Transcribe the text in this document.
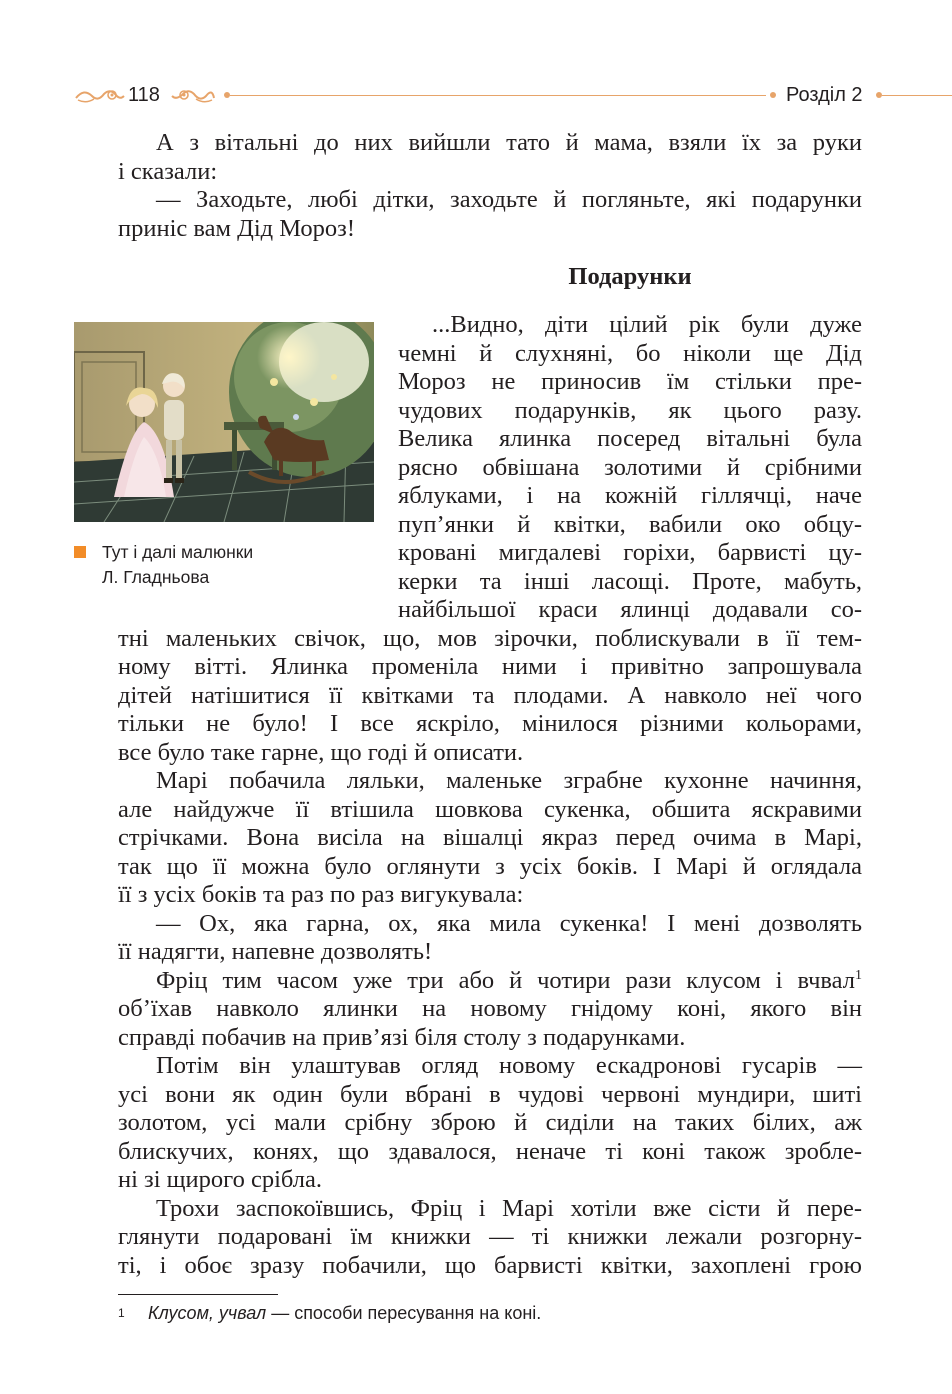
118	Розділ 2

А з вітальні до них вийшли тато й мама, взяли їх за руки

і сказали:

— Заходьте, любі дітки, заходьте й погляньте, які подарунки

приніс вам Дід Мороз!

Подарунки
Тут і далі малюнки
Л. Гладньова

...Видно, діти цілий рік були дуже

чемні й слухняні, бо ніколи ще Дід

Мороз не приносив їм стільки пре-

чудових подарунків, як цього разу.

Велика ялинка посеред вітальні була

рясно обвішана золотими й срібними

яблуками, і на кожній гіллячці, наче

пуп’янки й квітки, вабили око обцу-

кровані мигдалеві горіхи, барвисті цу-

керки та інші ласощі. Проте, мабуть,

найбільшої краси ялинці додавали со-

тні маленьких свічок, що, мов зірочки, поблискували в її тем-

ному вітті. Ялинка променіла ними і привітно запрошувала

дітей натішитися її квітками та плодами. А навколо неї чого

тільки не було! І все яскріло, мінилося різними кольорами,

все було таке гарне, що годі й описати.

Марі побачила ляльки, маленьке зграбне кухонне начиння,

але найдужче її втішила шовкова сукенка, обшита яскравими

стрічками. Вона висіла на вішалці якраз перед очима в Марі,

так що її можна було оглянути з усіх боків. І Марі й оглядала

її з усіх боків та раз по раз вигукувала:

— Ох, яка гарна, ох, яка мила сукенка! І мені дозволять

її надягти, напевне дозволять!

Фріц тим часом уже три або й чотири рази клусом і вчвал$^1$

об’їхав навколо ялинки на новому гнідому коні, якого він

справді побачив на прив’язі біля столу з подарунками.

Потім він улаштував огляд новому ескадронові гусарів —

усі вони як один були вбрані в чудові червоні мундири, шиті

золотом, усі мали срібну зброю й сиділи на таких білих, аж

блискучих, конях, що здавалося, неначе ті коні також зроблe-

ні зі щирого срібла.

Трохи заспокоївшись, Фріц і Марі хотіли вже сісти й пере-

глянути подаровані їм книжки — ті книжки лежали розгорну-

ті, і обоє зразу побачили, що барвисті квітки, захоплені грою

1 Клусом, учвал — способи пересування на коні.
